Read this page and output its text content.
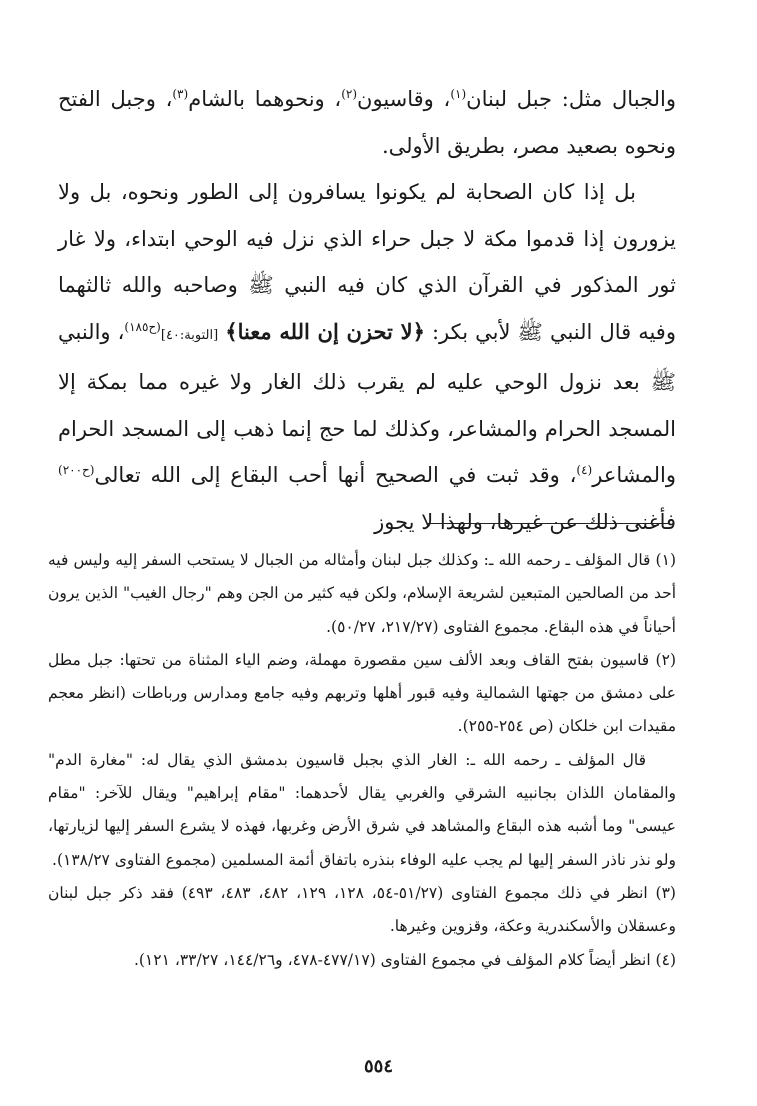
والجبال مثل: جبل لبنان$^{(١)}$، وقاسيون$^{(٢)}$، ونحوهما بالشام$^{(٣)}$، وجبل الفتح ونحوه بصعيد مصر، بطريق الأولى.

بل إذا كان الصحابة لم يكونوا يسافرون إلى الطور ونحوه، بل ولا يزورون إذا قدموا مكة لا جبل حراء الذي نزل فيه الوحي ابتداء، ولا غار ثور المذكور في القرآن الذي كان فيه النبي ﷺ وصاحبه والله ثالثهما وفيه قال النبي ﷺ لأبي بكر: ﴿لا تحزن إن الله معنا﴾ [التوبة:٤٠]$^{(ح١٨٥)}$، والنبي ﷺ بعد نزول الوحي عليه لم يقرب ذلك الغار ولا غيره مما بمكة إلا المسجد الحرام والمشاعر، وكذلك لما حج إنما ذهب إلى المسجد الحرام والمشاعر$^{(٤)}$، وقد ثبت في الصحيح أنها أحب البقاع إلى الله تعالى$^{(ح٢٠٠)}$ فأغنى ذلك عن غيرها، ولهذا لا يجوز

(١) قال المؤلف ـ رحمه الله ـ: وكذلك جبل لبنان وأمثاله من الجبال لا يستحب السفر إليه وليس فيه أحد من الصالحين المتبعين لشريعة الإسلام، ولكن فيه كثير من الجن وهم "رجال الغيب" الذين يرون أحياناً في هذه البقاع. مجموع الفتاوى (٢١٧/٢٧، ٥٠/٢٧).

(٢) قاسيون بفتح القاف وبعد الألف سين مقصورة مهملة، وضم الياء المثناة من تحتها: جبل مطل على دمشق من جهتها الشمالية وفيه قبور أهلها وتربهم وفيه جامع ومدارس ورباطات (انظر معجم مقيدات ابن خلكان (ص ٢٥٤-٢٥٥).

قال المؤلف ـ رحمه الله ـ: الغار الذي بجبل قاسيون بدمشق الذي يقال له: "مغارة الدم" والمقامان اللذان بجانبيه الشرقي والغربي يقال لأحدهما: "مقام إبراهيم" ويقال للآخر: "مقام عيسى" وما أشبه هذه البقاع والمشاهد في شرق الأرض وغربها، فهذه لا يشرع السفر إليها لزيارتها، ولو نذر ناذر السفر إليها لم يجب عليه الوفاء بنذره باتفاق أئمة المسلمين (مجموع الفتاوى ١٣٨/٢٧).

(٣) انظر في ذلك مجموع الفتاوى (٥١/٢٧-٥٤، ١٢٨، ١٢٩، ٤٨٢، ٤٨٣، ٤٩٣) فقد ذكر جبل لبنان وعسقلان والأسكندرية وعكة، وقزوين وغيرها.

(٤) انظر أيضاً كلام المؤلف في مجموع الفتاوى (٤٧٧/١٧-٤٧٨، و١٤٤/٢٦، ٣٣/٢٧، ١٢١).

٥٥٤
